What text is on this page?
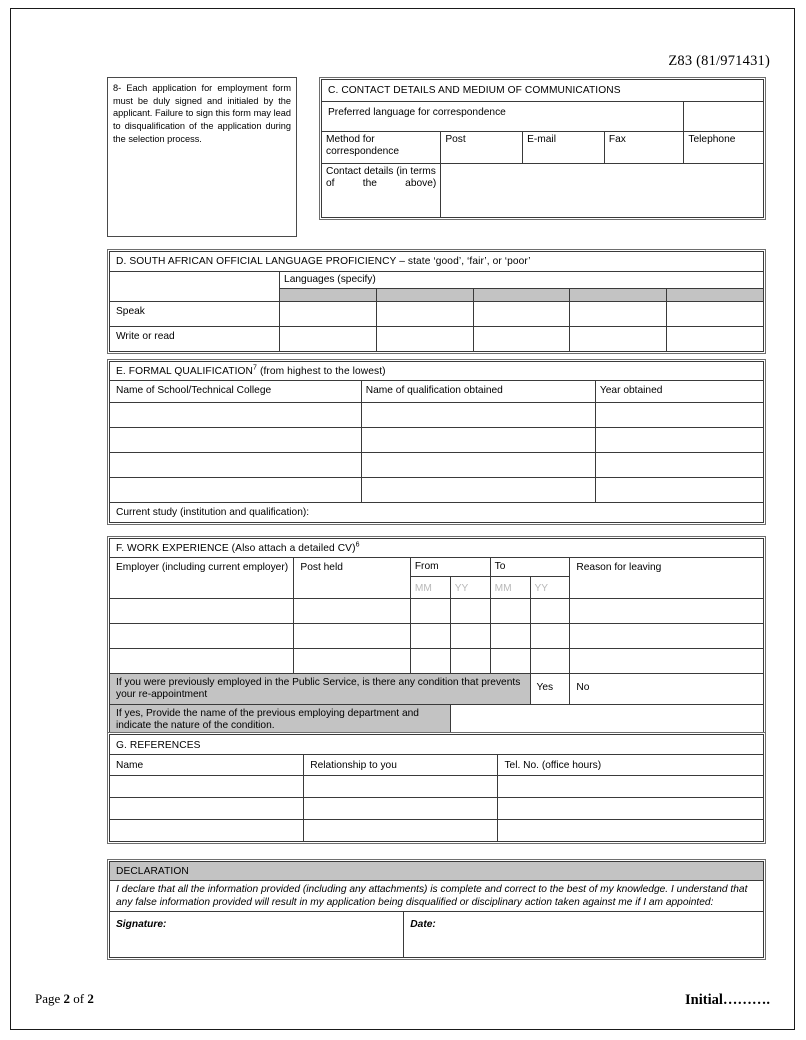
Z83 (81/971431)
8- Each application for employment form must be duly signed and initialed by the applicant. Failure to sign this form may lead to disqualification of the application during the selection process.
C. CONTACT DETAILS AND MEDIUM OF COMMUNICATIONS				
Preferred language for correspondence				
Method for correspondence	Post	E-mail	Fax	Telephone
Contact details (in terms of the above)				
D. SOUTH AFRICAN OFFICIAL LANGUAGE PROFICIENCY – state ‘good’, ‘fair’, or ‘poor’					
	Languages (specify)				

Speak					
Write or read					
E. FORMAL QUALIFICATION$^7$ (from highest to the lowest)		
Name of School/Technical College	Name of qualification obtained	Year obtained

Current study (institution and qualification):		
F. WORK EXPERIENCE (Also attach a detailed CV)$^6$
Employer (including current employer)	Post held	From		To		Reason for leaving
		MM	YY	MM	YY	

If you were previously employed in the Public Service, is there any condition that prevents your re-appointment					Yes	No
If yes, Provide the name of the previous employing department and indicate the nature of the condition.						
G. REFERENCES		
Name	Relationship to you	Tel. No. (office hours)

DECLARATION
I declare that all the information provided (including any attachments) is complete and correct to the best of my knowledge. I understand that any false information provided will result in my application being disqualified or disciplinary action taken against me if I am appointed:
Signature:	Date:
Page 2 of 2	Initial……….
